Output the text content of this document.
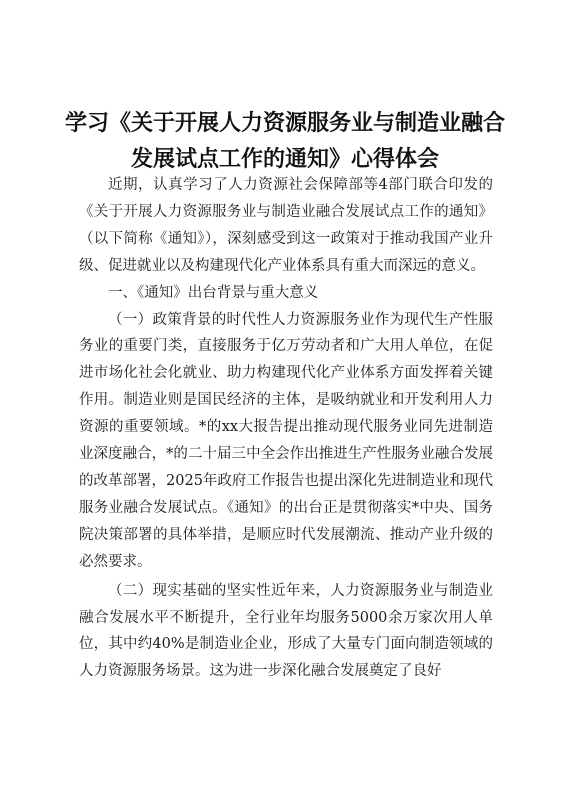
学习《关于开展人力资源服务业与制造业融合
发展试点工作的通知》心得体会

近期，认真学习了人力资源社会保障部等4部门联合印发的《关于开展人力资源服务业与制造业融合发展试点工作的通知》（以下简称《通知》），深刻感受到这一政策对于推动我国产业升级、促进就业以及构建现代化产业体系具有重大而深远的意义。

一、《通知》出台背景与重大意义

（一）政策背景的时代性人力资源服务业作为现代生产性服务业的重要门类，直接服务于亿万劳动者和广大用人单位，在促进市场化社会化就业、助力构建现代化产业体系方面发挥着关键作用。制造业则是国民经济的主体，是吸纳就业和开发利用人力资源的重要领域。*的xx大报告提出推动现代服务业同先进制造业深度融合，*的二十届三中全会作出推进生产性服务业融合发展的改革部署，2025年政府工作报告也提出深化先进制造业和现代服务业融合发展试点。《通知》的出台正是贯彻落实*中央、国务院决策部署的具体举措，是顺应时代发展潮流、推动产业升级的必然要求。

（二）现实基础的坚实性近年来，人力资源服务业与制造业融合发展水平不断提升，全行业年均服务5000余万家次用人单位，其中约40%是制造业企业，形成了大量专门面向制造领域的人力资源服务场景。这为进一步深化融合发展奠定了良好
